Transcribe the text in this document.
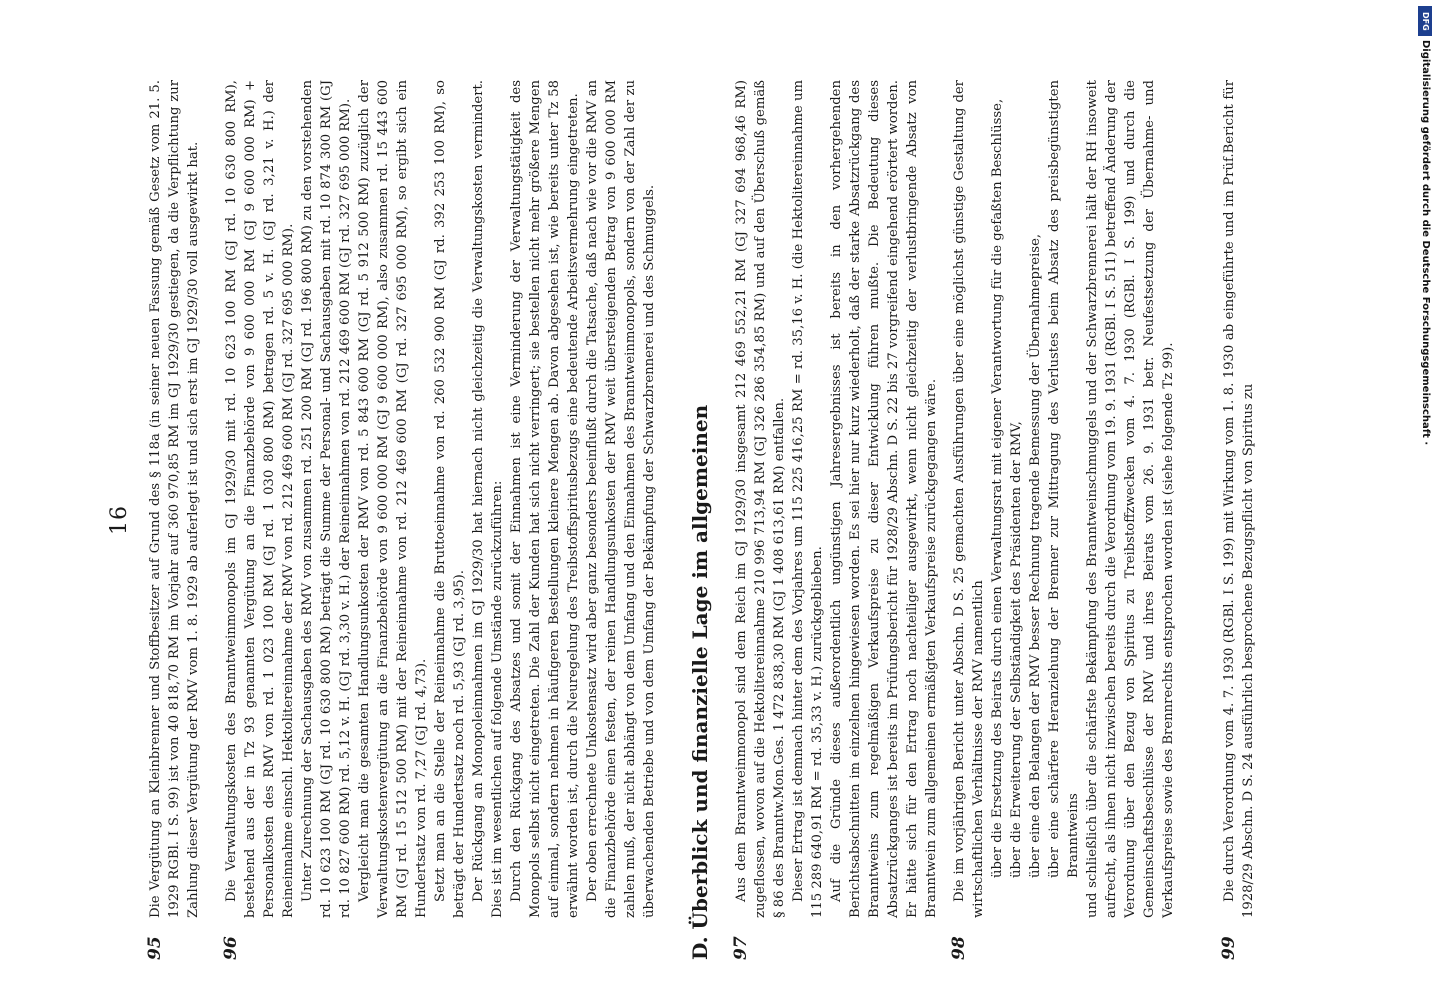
16
95

Die Vergütung an Kleinbrenner und Stoffbesitzer auf Grund des § 118a (in seiner neuen Fassung gemäß Gesetz vom 21. 5. 1929 RGBl. I S. 99) ist von 40 818,70 RM im Vorjahr auf 360 970,85 RM im GJ 1929/30 gestiegen, da die Verpflichtung zur Zahlung dieser Vergütung der RMV vom 1. 8. 1929 ab auferlegt ist und sich erst im GJ 1929/30 voll ausgewirkt hat.

96

Die Verwaltungskosten des Branntweinmonopols im GJ 1929/30 mit rd. 10 623 100 RM (GJ rd. 10 630 800 RM), bestehend aus der in Tz 93 genannten Vergütung an die Finanzbehörde von 9 600 000 RM (GJ 9 600 000 RM) + Personalkosten des RMV von rd. 1 023 100 RM (GJ rd. 1 030 800 RM) betragen rd. 5 v. H. (GJ rd. 3,21 v. H.) der Reineinnahme einschl. Hektolitereinnahme der RMV von rd. 212 469 600 RM (GJ rd. 327 695 000 RM). Unter Zurechnung der Sachausgaben des RMV von zusammen rd. 251 200 RM (GJ rd. 196 800 RM) zu den vorstehenden rd. 10 623 100 RM (GJ rd. 10 630 800 RM) beträgt die Summe der Personal- und Sachausgaben mit rd. 10 874 300 RM (GJ rd. 10 827 600 RM) rd. 5,12 v. H. (GJ rd. 3,30 v. H.) der Reineinnahmen von rd. 212 469 600 RM (GJ rd. 327 695 000 RM). Vergleicht man die gesamten Handlungsunkosten der RMV von rd. 5 843 600 RM (GJ rd. 5 912 500 RM) zuzüglich der Verwaltungskostenvergütung an die Finanzbehörde von 9 600 000 RM (GJ 9 600 000 RM), also zusammen rd. 15 443 600 RM (GJ rd. 15 512 500 RM) mit der Reineinnahme von rd. 212 469 600 RM (GJ rd. 327 695 000 RM), so ergibt sich ein Hundertsatz von rd. 7,27 (GJ rd. 4,73). Setzt man an die Stelle der Reineinnahme die Bruttoeinnahme von rd. 260 532 900 RM (GJ rd. 392 253 100 RM), so beträgt der Hundertsatz noch rd. 5,93 (GJ rd. 3,95). Der Rückgang an Monopoleinnahmen im GJ 1929/30 hat hiernach nicht gleichzeitig die Verwaltungskosten vermindert. Dies ist im wesentlichen auf folgende Umstände zurückzuführen: Durch den Rückgang des Absatzes und somit der Einnahmen ist eine Verminderung der Verwaltungstätigkeit des Monopols selbst nicht eingetreten. Die Zahl der Kunden hat sich nicht verringert; sie bestellen nicht mehr größere Mengen auf einmal, sondern nehmen in häufigeren Bestellungen kleinere Mengen ab. Davon abgesehen ist, wie bereits unter Tz 58 erwähnt worden ist, durch die Neuregelung des Treibstoffspiritusbezugs eine bedeutende Arbeitsvermehrung eingetreten. Der oben errechnete Unkostensatz wird aber ganz besonders beeinflußt durch die Tatsache, daß nach wie vor die RMV an die Finanzbehörde einen festen, der reinen Handlungsunkosten der RMV weit übersteigenden Betrag von 9 600 000 RM zahlen muß, der nicht abhängt von dem Umfang und den Einnahmen des Branntweinmonopols, sondern von der Zahl der zu überwachenden Betriebe und von dem Umfang der Bekämpfung der Schwarzbrennerei und des Schmuggels. D. Überblick und finanzielle Lage im allgemeinen 97

Aus dem Branntweinmonopol sind dem Reich im GJ 1929/30 insgesamt 212 469 552,21 RM (GJ 327 694 968,46 RM) zugeflossen, wovon auf die Hektolitereinnahme 210 996 713,94 RM (GJ 326 286 354,85 RM) und auf den Überschuß gemäß § 86 des Branntw.Mon.Ges. 1 472 838,30 RM (GJ 1 408 613,61 RM) entfallen. Dieser Ertrag ist demnach hinter dem des Vorjahres um 115 225 416,25 RM = rd. 35,16 v. H. (die Hektolitereinnahme um 115 289 640,91 RM = rd. 35,33 v. H.) zurückgeblieben. Auf die Gründe dieses außerordentlich ungünstigen Jahresergebnisses ist bereits in den vorhergehenden Berichtsabschnitten im einzelnen hingewiesen worden. Es sei hier nur kurz wiederholt, daß der starke Absatzrückgang des Branntweins zum regelmäßigen Verkaufspreise zu dieser Entwicklung führen mußte. Die Bedeutung dieses Absatzrückganges ist bereits im Prüfungsbericht für 1928/29 Abschn. D S. 22 bis 27 vorgreifend eingehend erörtert worden. Er hätte sich für den Ertrag noch nachteiliger ausgewirkt, wenn nicht gleichzeitig der verlustbringende Absatz von Branntwein zum allgemeinen ermäßigten Verkaufspreise zurückgegangen wäre.

98

Die im vorjährigen Bericht unter Abschn. D S. 25 gemachten Ausführungen über eine möglichst günstige Gestaltung der wirtschaftlichen Verhältnisse der RMV namentlich über die Ersetzung des Beirats durch einen Verwaltungsrat mit eigener Verantwortung für die gefaßten Beschlüsse, über die Erweiterung der Selbständigkeit des Präsidenten der RMV, über eine den Belangen der RMV besser Rechnung tragende Bemessung der Übernahmepreise, über eine schärfere Heranziehung der Brenner zur Mittragung des Verlustes beim Absatz des preisbegünstigten Branntweins und schließlich über die schärfste Bekämpfung des Branntweinschmuggels und der Schwarzbrennerei hält der RH insoweit aufrecht, als ihnen nicht inzwischen bereits durch die Verordnung vom 19. 9. 1931 (RGBl. I S. 511) betreffend Änderung der Verordnung über den Bezug von Spiritus zu Treibstoffzwecken vom 4. 7. 1930 (RGBl. I S. 199) und durch die Gemeinschaftsbeschlüsse der RMV und ihres Beirats vom 26. 9. 1931 betr. Neufestsetzung der Übernahme- und Verkaufspreise sowie des Brennrechts entsprochen worden ist (siehe folgende Tz 99).

99

Die durch Verordnung vom 4. 7. 1930 (RGBl. I S. 199) mit Wirkung vom 1. 8. 1930 ab eingeführte und im Prüf.Bericht für 1928/29 Abschn. D S. 24 ausführlich besprochene Bezugspflicht von Spiritus zu

DFG
Digitalisierung gefördert durch die Deutsche Forschungsgemeinschaft ·
